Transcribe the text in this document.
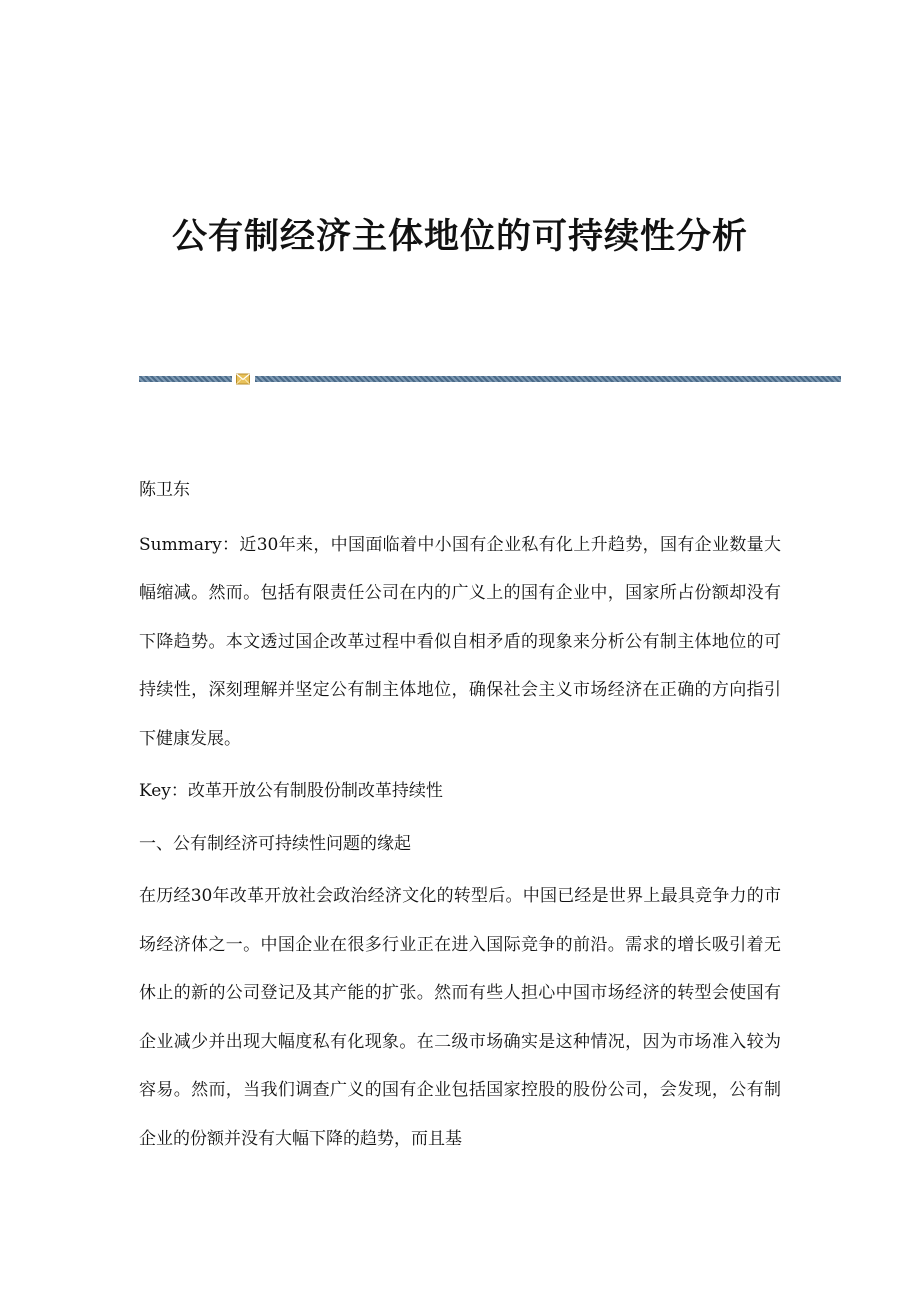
公有制经济主体地位的可持续性分析

陈卫东

Summary：近30年来，中国面临着中小国有企业私有化上升趋势，国有企业数量大幅缩减。然而。包括有限责任公司在内的广义上的国有企业中，国家所占份额却没有下降趋势。本文透过国企改革过程中看似自相矛盾的现象来分析公有制主体地位的可持续性，深刻理解并坚定公有制主体地位，确保社会主义市场经济在正确的方向指引下健康发展。

Key：改革开放公有制股份制改革持续性

一、公有制经济可持续性问题的缘起

在历经30年改革开放社会政治经济文化的转型后。中国已经是世界上最具竞争力的市场经济体之一。中国企业在很多行业正在进入国际竞争的前沿。需求的增长吸引着无休止的新的公司登记及其产能的扩张。然而有些人担心中国市场经济的转型会使国有企业减少并出现大幅度私有化现象。在二级市场确实是这种情况，因为市场准入较为容易。然而，当我们调查广义的国有企业包括国家控股的股份公司，会发现，公有制企业的份额并没有大幅下降的趋势，而且基
